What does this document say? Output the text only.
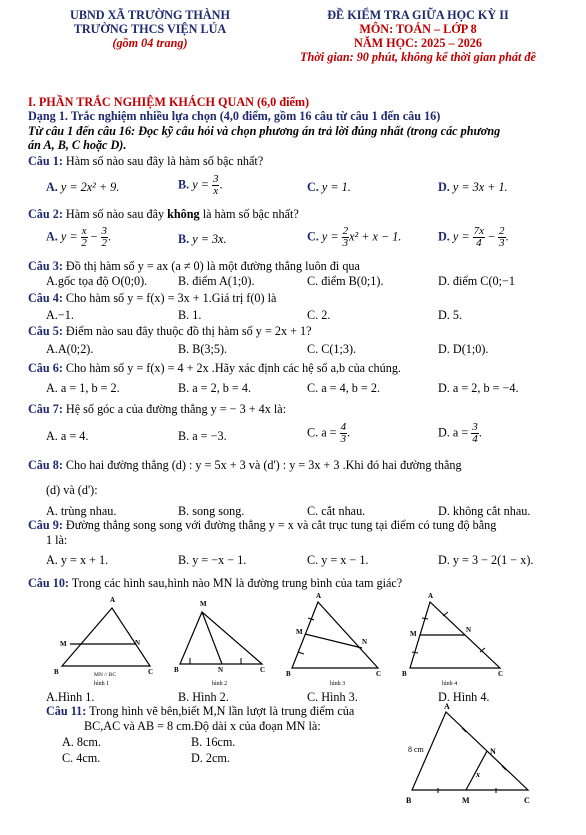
UBND XÃ TRƯỜNG THÀNH
TRƯỜNG THCS VIỆN LÚA
(gồm 04 trang)
ĐỀ KIỂM TRA GIỮA HỌC KỲ II
MÔN: TOÁN – LỚP 8
NĂM HỌC: 2025 – 2026
Thời gian: 90 phút, không kể thời gian phát đề
I. PHẦN TRẮC NGHIỆM KHÁCH QUAN (6,0 điểm)
Dạng 1. Trắc nghiệm nhiều lựa chọn (4,0 điểm, gồm 16 câu từ câu 1 đến câu 16)
Từ câu 1 đến câu 16: Đọc kỹ câu hỏi và chọn phương án trả lời đúng nhất (trong các phương
án A, B, C hoặc D).
Câu 1: Hàm số nào sau đây là hàm số bậc nhất?
A. y = 2x² + 9.	B. $y = \frac{3}{x}$ .	C. y = 1.	D. y = 3x + 1.
Câu 2: Hàm số nào sau đây không là hàm số bậc nhất?
A. $y = \frac{x}{2} - \frac{3}{2}$ .	B. y = 3x.	C. $y = \frac{2}{3} x^2 + x - 1$.	D. $y = \frac{7x}{4} - \frac{2}{3}$ .
Câu 3: Đồ thị hàm số y = ax (a ≠ 0) là một đường thẳng luôn đi qua
A.gốc tọa độ O(0;0).	B. điểm A(1;0).	C. điểm B(0;1).	D. điểm C(0;−1
Câu 4: Cho hàm số y = f(x) = 3x + 1.Giá trị f(0) là
A.−1.	B. 1.	C. 2.	D. 5.
Câu 5: Điểm nào sau đây thuộc đồ thị hàm số y = 2x + 1?
A.A(0;2).	B. B(3;5).	C. C(1;3).	D. D(1;0).
Câu 6: Cho hàm số y = f(x) = 4 + 2x .Hãy xác định các hệ số a,b của chúng.
A. a = 1, b = 2.	B. a = 2, b = 4.	C. a = 4, b = 2.	D. a = 2, b = −4.
Câu 7: Hệ số góc a của đường thẳng y = − 3 + 4x là:
A. a = 4.	B. a = −3.	C. $a = \frac{4}{3}$ .	D. $a = \frac{3}{4}$ .
Câu 8: Cho hai đường thẳng (d) : y = 5x + 3 và (d') : y = 3x + 3 .Khi đó hai đường thẳng
(d) và (d'):
A. trùng nhau.	B. song song.	C. cắt nhau.	D. không cắt nhau.
Câu 9: Đường thẳng song song với đường thẳng y = x và cắt trục tung tại điểm có tung độ bằng
1 là:
A. y = x + 1.	B. y = −x − 1.	C. y = x − 1.	D. y = 3 − 2(1 − x).
Câu 10: Trong các hình sau,hình nào MN là đường trung bình của tam giác?
A
M	N
B	C
MN // BC
hình 1
M
B	N	C
hình 2
A
M
N
B	C
hình 3
A
M	N
B	C
hình 4
A.Hình 1.	B. Hình 2.	C. Hình 3.	D. Hình 4.
Câu 11: Trong hình vẽ bên,biết M,N lần lượt là trung điểm của
BC,AC và AB = 8 cm.Độ dài x của đoạn MN là:
A. 8cm.	B. 16cm.
C. 4cm.	D. 2cm.
A
N
B	M	C
8 cm
x
